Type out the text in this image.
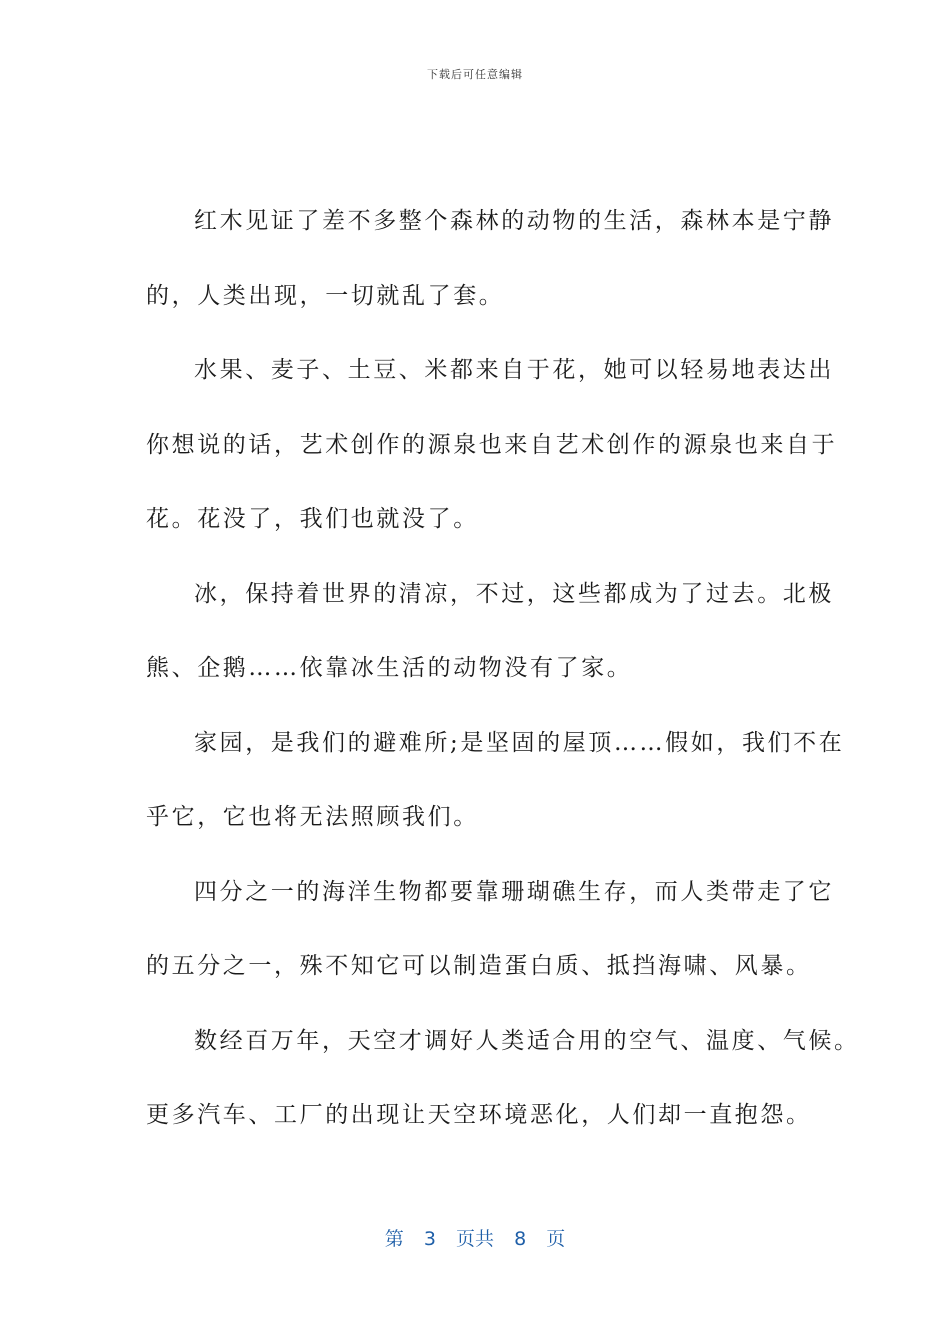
下载后可任意编辑
红木见证了差不多整个森林的动物的生活，森林本是宁静
的，人类出现，一切就乱了套。
水果、麦子、土豆、米都来自于花，她可以轻易地表达出
你想说的话，艺术创作的源泉也来自艺术创作的源泉也来自于
花。花没了，我们也就没了。
冰，保持着世界的清凉，不过，这些都成为了过去。北极
熊、企鹅……依靠冰生活的动物没有了家。
家园，是我们的避难所;是坚固的屋顶……假如，我们不在
乎它，它也将无法照顾我们。
四分之一的海洋生物都要靠珊瑚礁生存，而人类带走了它
的五分之一，殊不知它可以制造蛋白质、抵挡海啸、风暴。
数经百万年，天空才调好人类适合用的空气、温度、气候。
更多汽车、工厂的出现让天空环境恶化，人们却一直抱怨。
第  3  页共  8  页
